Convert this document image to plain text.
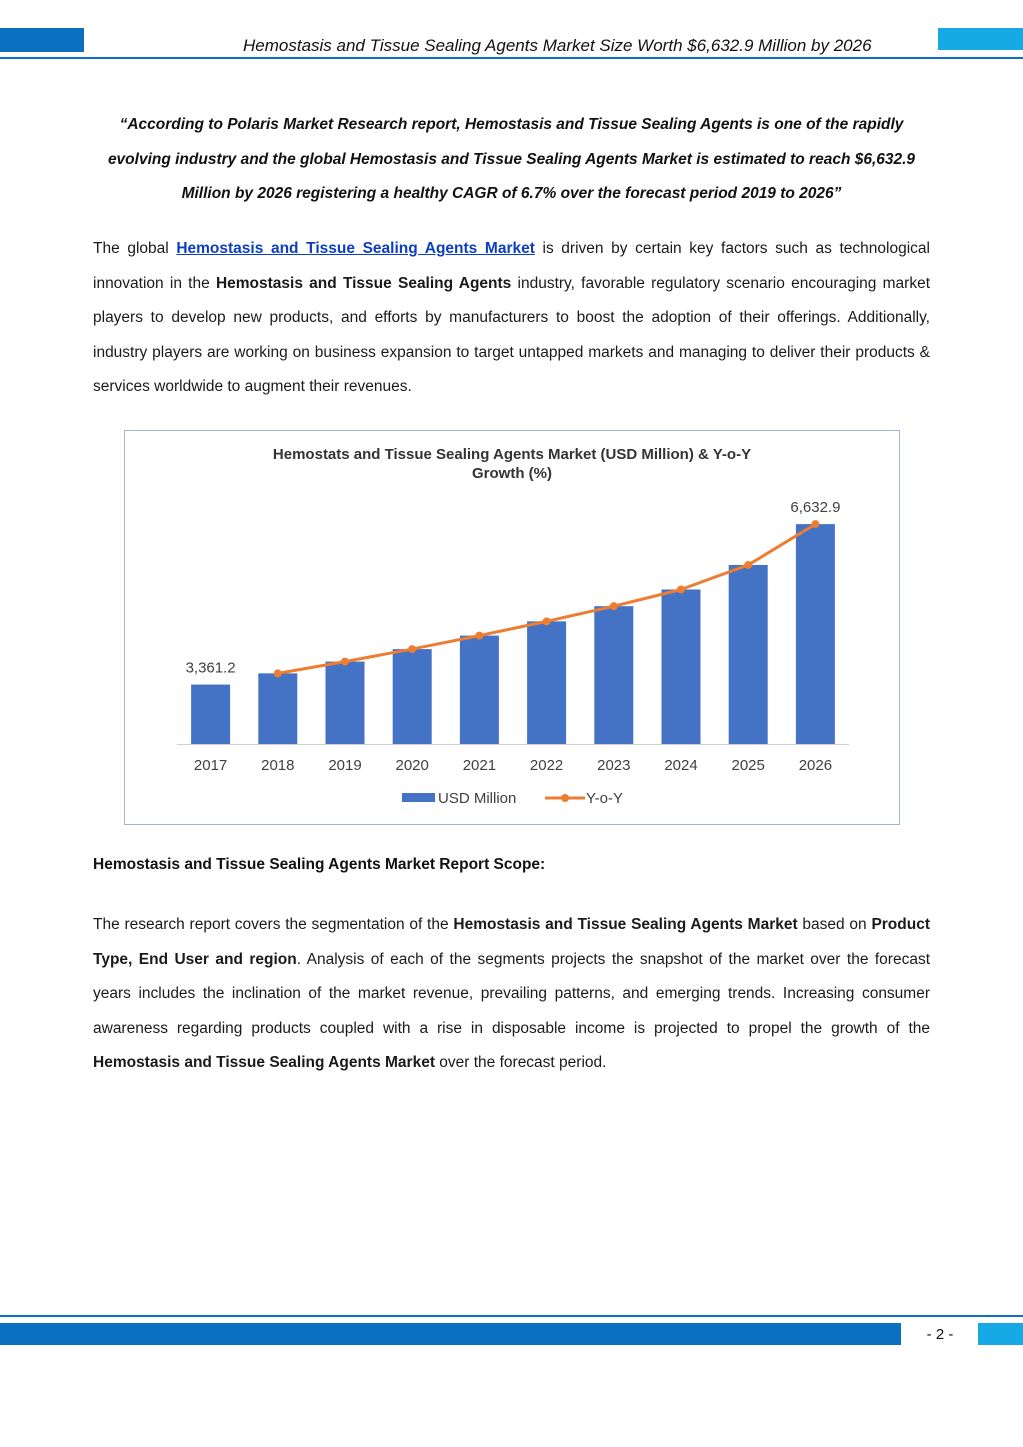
Hemostasis and Tissue Sealing Agents Market Size Worth $6,632.9 Million by 2026
“According to Polaris Market Research report, Hemostasis and Tissue Sealing Agents is one of the rapidly evolving industry and the global Hemostasis and Tissue Sealing Agents Market is estimated to reach $6,632.9 Million by 2026 registering a healthy CAGR of 6.7% over the forecast period 2019 to 2026”
The global Hemostasis and Tissue Sealing Agents Market is driven by certain key factors such as technological innovation in the Hemostasis and Tissue Sealing Agents industry, favorable regulatory scenario encouraging market players to develop new products, and efforts by manufacturers to boost the adoption of their offerings. Additionally, industry players are working on business expansion to target untapped markets and managing to deliver their products & services worldwide to augment their revenues.
Hemostats and Tissue Sealing Agents Market (USD Million) & Y-o-Y
Growth (%)
2017 2018 2019 2020 2021 2022 2023 2024 2025 2026
3,361.2
6,632.9
USD Million	Y-o-Y
Hemostasis and Tissue Sealing Agents Market Report Scope:
The research report covers the segmentation of the Hemostasis and Tissue Sealing Agents Market based on Product Type, End User and region. Analysis of each of the segments projects the snapshot of the market over the forecast years includes the inclination of the market revenue, prevailing patterns, and emerging trends. Increasing consumer awareness regarding products coupled with a rise in disposable income is projected to propel the growth of the Hemostasis and Tissue Sealing Agents Market over the forecast period.
- 2 -
